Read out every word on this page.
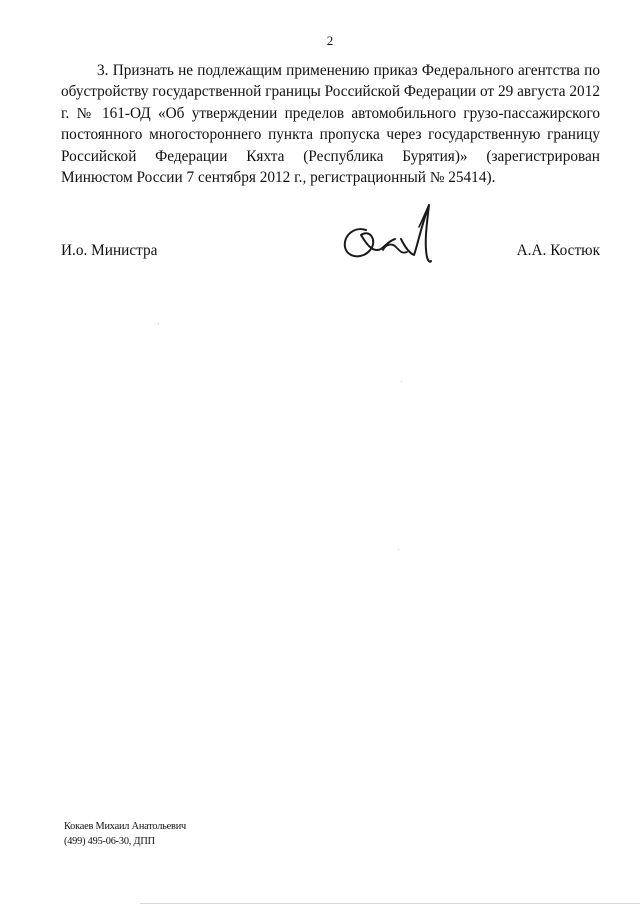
2

3. Признать не подлежащим применению приказ Федерального агентства по обустройству государственной границы Российской Федерации от 29 августа 2012 г. № 161-ОД «Об утверждении пределов автомобильного грузо-пассажирского постоянного многостороннего пункта пропуска через государственную границу Российской Федерации Кяхта (Республика Бурятия)» (зарегистрирован Минюстом России 7 сентября 2012 г., регистрационный № 25414).

И.о. Министра	А.А. Костюк
Кокаев Михаил Анатольевич
(499) 495-06-30, ДПП
